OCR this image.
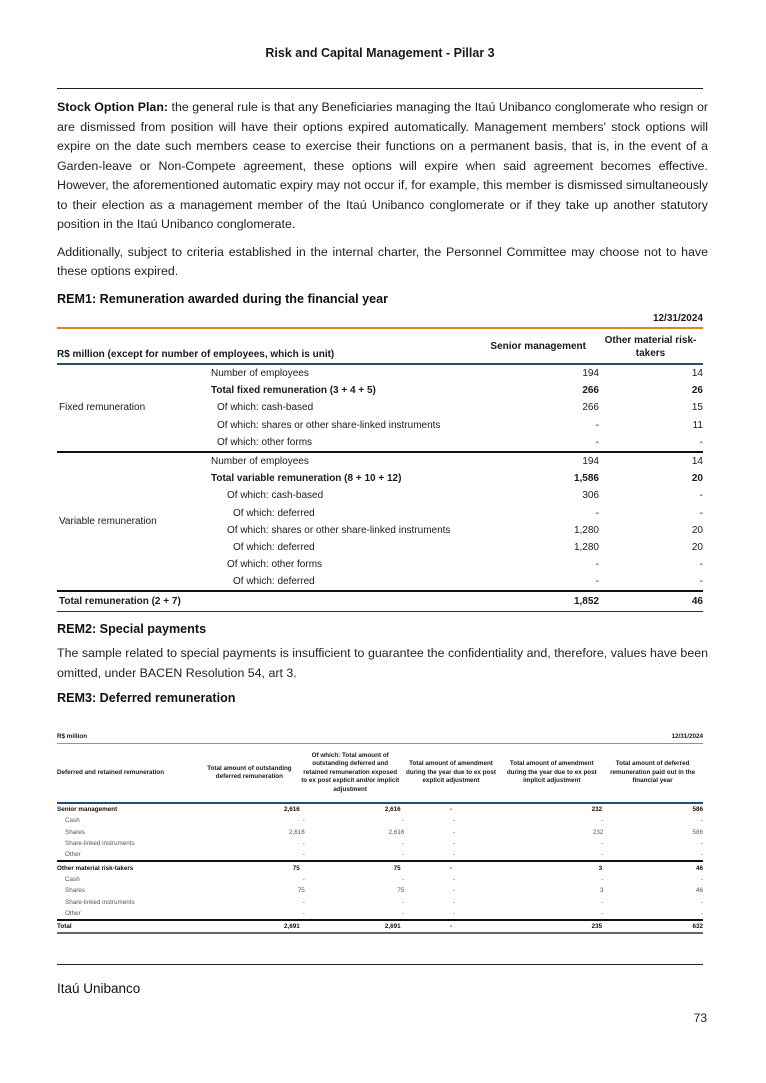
Risk and Capital Management - Pillar 3

Stock Option Plan: the general rule is that any Beneficiaries managing the Itaú Unibanco conglomerate who resign or are dismissed from position will have their options expired automatically. Management members' stock options will expire on the date such members cease to exercise their functions on a permanent basis, that is, in the event of a Garden-leave or Non-Compete agreement, these options will expire when said agreement becomes effective. However, the aforementioned automatic expiry may not occur if, for example, this member is dismissed simultaneously to their election as a management member of the Itaú Unibanco conglomerate or if they take up another statutory position in the Itaú Unibanco conglomerate.

Additionally, subject to criteria established in the internal charter, the Personnel Committee may choose not to have these options expired.

REM1: Remuneration awarded during the financial year
12/31/2024
R$ million (except for number of employees, which is unit)
Senior management
Other material risk-takers
Fixed remuneration
Number of employees	194	14
Total fixed remuneration (3 + 4 + 5)	266	26
Of which: cash-based	266	15
Of which: shares or other share-linked instruments	-	11
Of which: other forms	-	-
Variable remuneration
Number of employees	194	14
Total variable remuneration (8 + 10 + 12)	1,586	20
Of which: cash-based	306	-
Of which: deferred	-	-
Of which: shares or other share-linked instruments	1,280	20
Of which: deferred	1,280	20
Of which: other forms	-	-
Of which: deferred	-	-
Total remuneration (2 + 7)	1,852	46
REM2: Special payments

The sample related to special payments is insufficient to guarantee the confidentiality and, therefore, values have been omitted, under BACEN Resolution 54, art 3.

REM3: Deferred remuneration
R$ million	12/31/2024
Deferred and retained remuneration
Total amount of outstanding deferred remuneration
Of which: Total amount of outstanding deferred and retained remuneration exposed to ex post explicit and/or implicit adjustment
Total amount of amendment during the year due to ex post explicit adjustment
Total amount of amendment during the year due to ex post implicit adjustment
Total amount of deferred remuneration paid out in the financial year
Senior management	2,616	2,616	-	232	586
Cash	-	-	-	-	-
Shares	2,616	2,616	-	232	586
Share-linked instruments	-	-	-	-	-
Other	-	-	-	-	-
Other material risk-takers	75	75	-	3	46
Cash	-	-	-	-	-
Shares	75	75	-	3	46
Share-linked instruments	-	-	-	-	-
Other	-	-	-	-	-
Total	2,691	2,691	-	235	632
Itaú Unibanco
73
